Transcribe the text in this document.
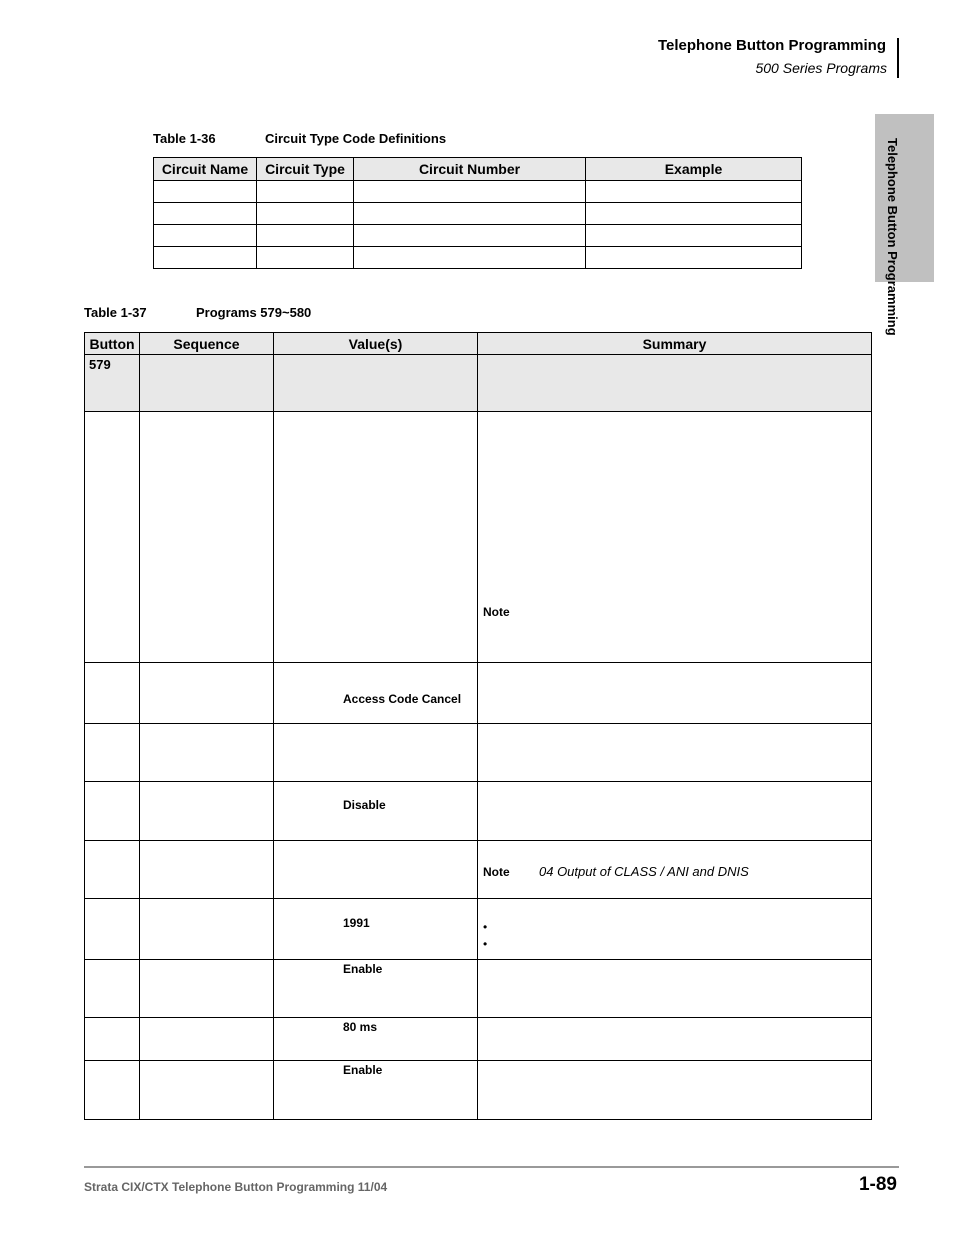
Telephone Button Programming
500 Series Programs
Telephone Button Programming
Table 1-36	Circuit Type Code Definitions
Circuit Name	Circuit Type	Circuit Number	Example

Table 1-37	Programs 579~580
Button	Sequence	Value(s)	Summary

579			

			Note

		Access Code Cancel	

		Disable	

			Note 04 Output of CLASS / ANI and DNIS

		1991	•
•

		Enable	

		80 ms	

		Enable	

Strata CIX/CTX Telephone Button Programming 11/04	1-89
